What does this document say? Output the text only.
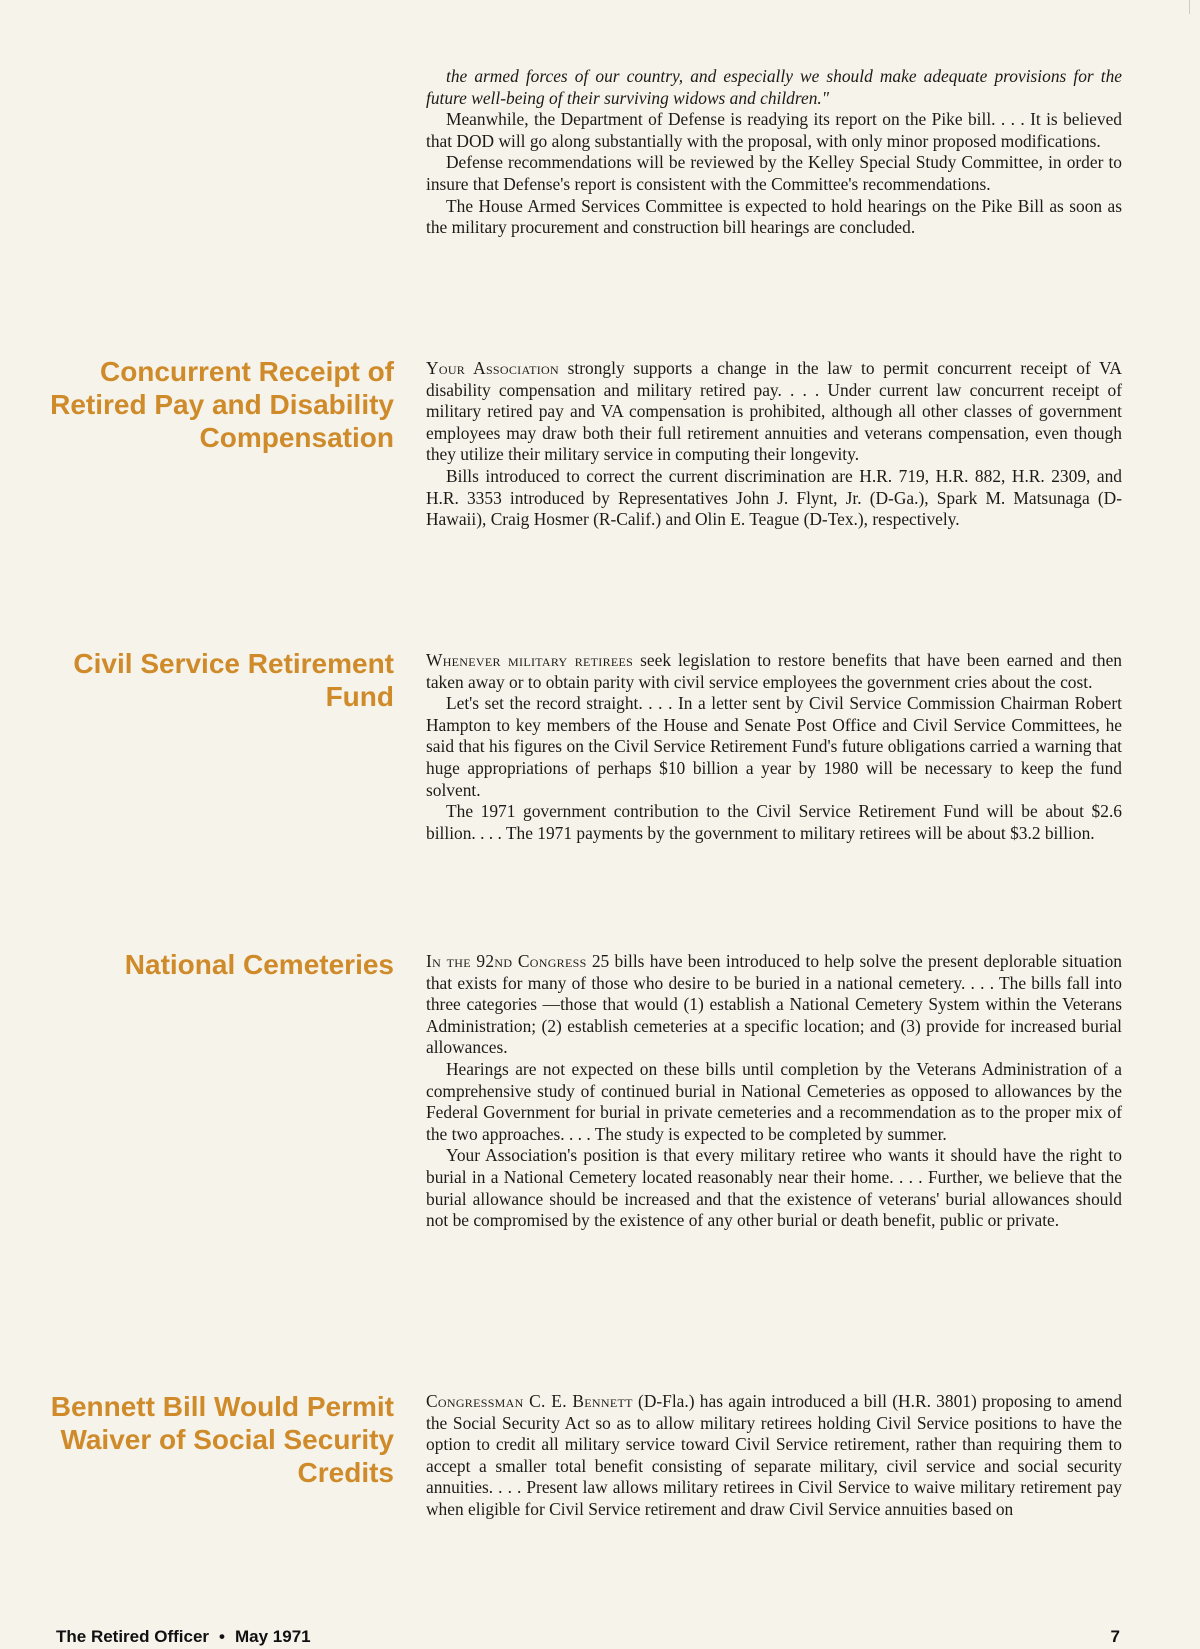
the armed forces of our country, and especially we should make adequate provisions for the future well-being of their surviving widows and children."

Meanwhile, the Department of Defense is readying its report on the Pike bill. . . . It is believed that DOD will go along substantially with the proposal, with only minor proposed modifications.

Defense recommendations will be reviewed by the Kelley Special Study Committee, in order to insure that Defense's report is consistent with the Committee's recommendations.

The House Armed Services Committee is expected to hold hearings on the Pike Bill as soon as the military procurement and construction bill hearings are concluded.

Concurrent Receipt of Retired Pay and Disability Compensation

Your Association strongly supports a change in the law to permit concurrent receipt of VA disability compensation and military retired pay. . . . Under current law concurrent receipt of military retired pay and VA compensation is prohibited, although all other classes of government employees may draw both their full retirement annuities and veterans compensation, even though they utilize their military service in computing their longevity.

Bills introduced to correct the current discrimination are H.R. 719, H.R. 882, H.R. 2309, and H.R. 3353 introduced by Representatives John J. Flynt, Jr. (D-Ga.), Spark M. Matsunaga (D-Hawaii), Craig Hosmer (R-Calif.) and Olin E. Teague (D-Tex.), respectively.

Civil Service Retirement Fund

Whenever military retirees seek legislation to restore benefits that have been earned and then taken away or to obtain parity with civil service employees the government cries about the cost.

Let's set the record straight. . . . In a letter sent by Civil Service Commission Chairman Robert Hampton to key members of the House and Senate Post Office and Civil Service Committees, he said that his figures on the Civil Service Retirement Fund's future obligations carried a warning that huge appropriations of perhaps $10 billion a year by 1980 will be necessary to keep the fund solvent.

The 1971 government contribution to the Civil Service Retirement Fund will be about $2.6 billion. . . . The 1971 payments by the government to military retirees will be about $3.2 billion.

National Cemeteries In the 92nd Congress 25 bills have been introduced to help solve the present deplorable situation that exists for many of those who desire to be buried in a national cemetery. . . . The bills fall into three categories —those that would (1) establish a National Cemetery System within the Veterans Administration; (2) establish cemeteries at a specific location; and (3) provide for increased burial allowances.

Hearings are not expected on these bills until completion by the Veterans Administration of a comprehensive study of continued burial in National Cemeteries as opposed to allowances by the Federal Government for burial in private cemeteries and a recommendation as to the proper mix of the two approaches. . . . The study is expected to be completed by summer.

Your Association's position is that every military retiree who wants it should have the right to burial in a National Cemetery located reasonably near their home. . . . Further, we believe that the burial allowance should be increased and that the existence of veterans' burial allowances should not be compromised by the existence of any other burial or death benefit, public or private.

Bennett Bill Would Permit Waiver of Social Security Credits

Congressman C. E. Bennett (D-Fla.) has again introduced a bill (H.R. 3801) proposing to amend the Social Security Act so as to allow military retirees holding Civil Service positions to have the option to credit all military service toward Civil Service retirement, rather than requiring them to accept a smaller total benefit consisting of separate military, civil service and social security annuities. . . . Present law allows military retirees in Civil Service to waive military retirement pay when eligible for Civil Service retirement and draw Civil Service annuities based on

The Retired Officer • May 1971	7
